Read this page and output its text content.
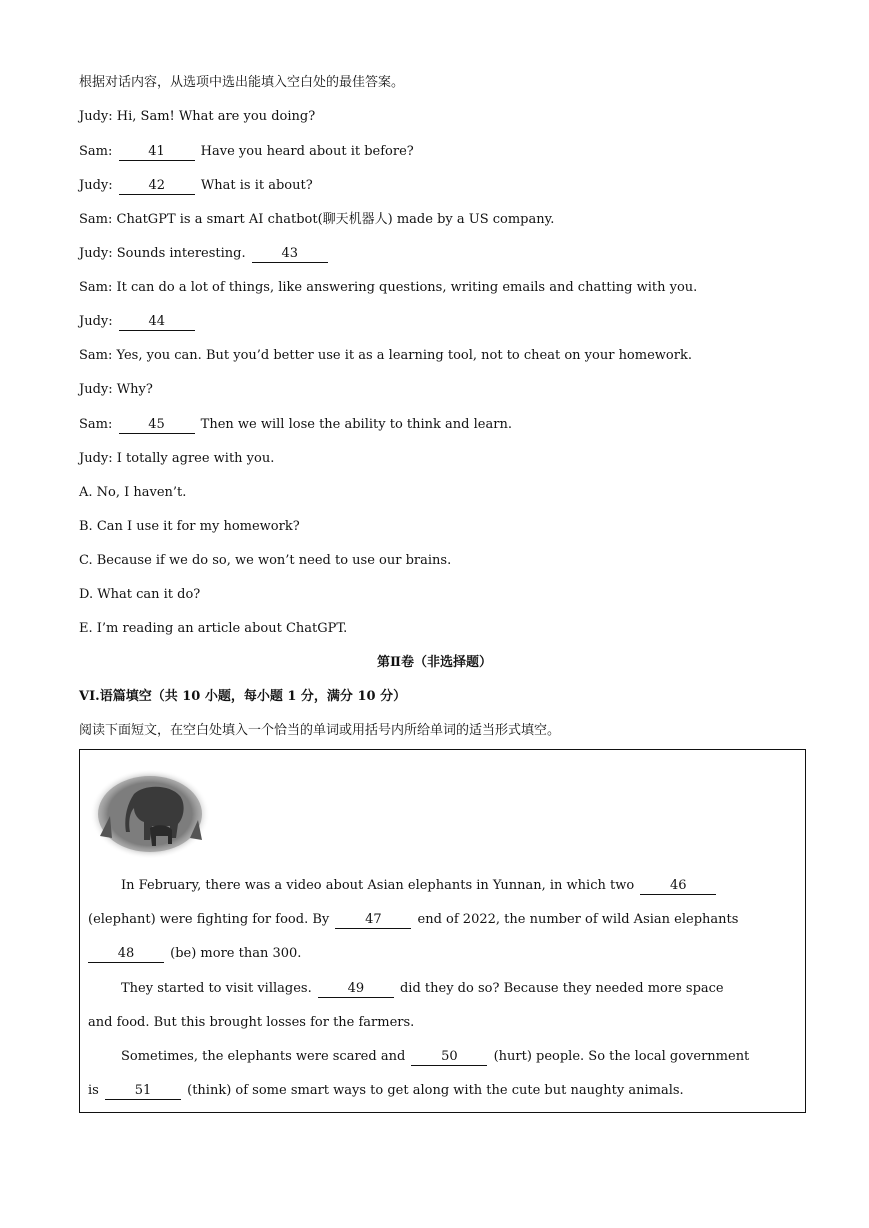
根据对话内容，从选项中选出能填入空白处的最佳答案。
Judy: Hi, Sam! What are you doing?
Sam:	41	Have you heard about it before?
Judy:	42	What is it about?
Sam: ChatGPT is a smart AI chatbot(聊天机器人) made by a US company.
Judy: Sounds interesting.	43
Sam: It can do a lot of things, like answering questions, writing emails and chatting with you.
Judy:	44
Sam: Yes, you can. But you’d better use it as a learning tool, not to cheat on your homework.
Judy: Why?
Sam:	45	Then we will lose the ability to think and learn.
Judy: I totally agree with you.
A. No, I haven’t.
B. Can I use it for my homework?
C. Because if we do so, we won’t need to use our brains.
D. What can it do?
E. I’m reading an article about ChatGPT.
第Ⅱ卷（非选择题）
VI.语篇填空（共 10 小题，每小题 1 分，满分 10 分）
阅读下面短文，在空白处填入一个恰当的单词或用括号内所给单词的适当形式填空。
In February, there was a video about Asian elephants in Yunnan, in which two	46
(elephant) were fighting for food. By	47	end of 2022, the number of wild Asian elephants
48	(be) more than 300.
They started to visit villages.	49	did they do so? Because they needed more space
and food. But this brought losses for the farmers.
Sometimes, the elephants were scared and	50	(hurt) people. So the local government
is	51	(think) of some smart ways to get along with the cute but naughty animals.
